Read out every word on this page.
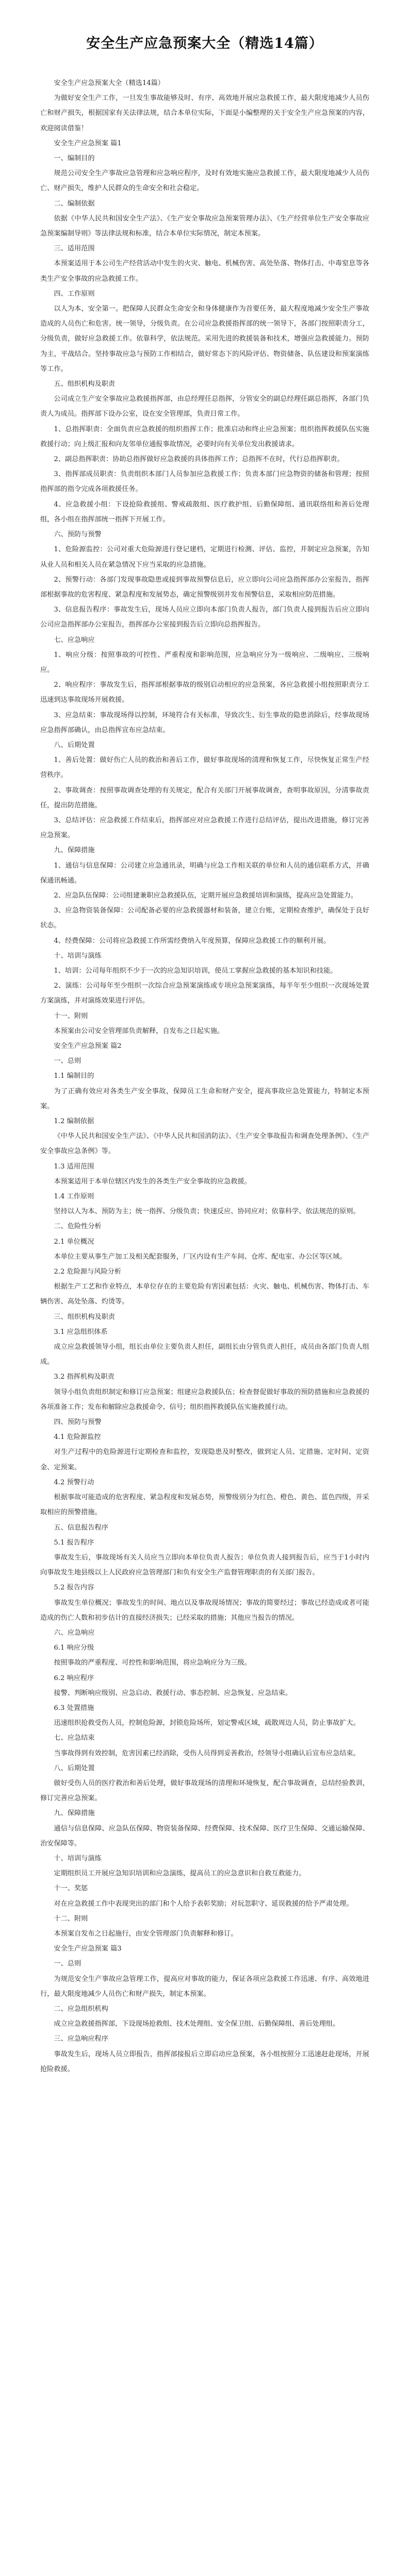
安全生产应急预案大全（精选14篇）

安全生产应急预案大全（精选14篇）

为做好安全生产工作，一旦发生事故能够及时、有序、高效地开展应急救援工作，最大限度地减少人员伤亡和财产损失，根据国家有关法律法规，结合本单位实际，下面是小编整理的关于安全生产应急预案的内容，欢迎阅读借鉴！

安全生产应急预案 篇1

一、编制目的

规范公司安全生产事故应急管理和应急响应程序，及时有效地实施应急救援工作，最大限度地减少人员伤亡、财产损失，维护人民群众的生命安全和社会稳定。

二、编制依据

依据《中华人民共和国安全生产法》、《生产安全事故应急预案管理办法》、《生产经营单位生产安全事故应急预案编制导则》等法律法规和标准，结合本单位实际情况，制定本预案。

三、适用范围

本预案适用于本公司生产经营活动中发生的火灾、触电、机械伤害、高处坠落、物体打击、中毒窒息等各类生产安全事故的应急救援工作。

四、工作原则

以人为本，安全第一。把保障人民群众生命安全和身体健康作为首要任务，最大程度地减少安全生产事故造成的人员伤亡和危害。统一领导，分级负责。在公司应急救援指挥部的统一领导下，各部门按照职责分工，分级负责，做好应急救援工作。依靠科学，依法规范。采用先进的救援装备和技术，增强应急救援能力。预防为主，平战结合。坚持事故应急与预防工作相结合，做好常态下的风险评估、物资储备、队伍建设和预案演练等工作。

五、组织机构及职责

公司成立生产安全事故应急救援指挥部，由总经理任总指挥，分管安全的副总经理任副总指挥，各部门负责人为成员。指挥部下设办公室，设在安全管理部，负责日常工作。

1、总指挥职责：全面负责应急救援的组织指挥工作；批准启动和终止应急预案；组织指挥救援队伍实施救援行动；向上级汇报和向友邻单位通报事故情况，必要时向有关单位发出救援请求。

2、副总指挥职责：协助总指挥做好应急救援的具体指挥工作；总指挥不在时，代行总指挥职责。

3、指挥部成员职责：负责组织本部门人员参加应急救援工作；负责本部门应急物资的储备和管理；按照指挥部的指令完成各项救援任务。

4、应急救援小组：下设抢险救援组、警戒疏散组、医疗救护组、后勤保障组、通讯联络组和善后处理组，各小组在指挥部统一指挥下开展工作。

六、预防与预警

1、危险源监控：公司对重大危险源进行登记建档，定期进行检测、评估、监控，并制定应急预案，告知从业人员和相关人员在紧急情况下应当采取的应急措施。

2、预警行动：各部门发现事故隐患或接到事故预警信息后，应立即向公司应急指挥部办公室报告，指挥部根据事故的危害程度、紧急程度和发展势态，确定预警级别并发布预警信息，采取相应防范措施。

3、信息报告程序：事故发生后，现场人员应立即向本部门负责人报告，部门负责人接到报告后应立即向公司应急指挥部办公室报告，指挥部办公室接到报告后立即向总指挥报告。

七、应急响应

1、响应分级：按照事故的可控性、严重程度和影响范围，应急响应分为一级响应、二级响应、三级响应。

2、响应程序：事故发生后，指挥部根据事故的级别启动相应的应急预案，各应急救援小组按照职责分工迅速到达事故现场开展救援。

3、应急结束：事故现场得以控制，环境符合有关标准，导致次生、衍生事故的隐患消除后，经事故现场应急指挥部确认，由总指挥宣布应急结束。

八、后期处置

1、善后处置：做好伤亡人员的救治和善后工作，做好事故现场的清理和恢复工作，尽快恢复正常生产经营秩序。

2、事故调查：按照事故调查处理的有关规定，配合有关部门开展事故调查，查明事故原因，分清事故责任，提出防范措施。

3、总结评估：应急救援工作结束后，指挥部应对应急救援工作进行总结评估，提出改进措施，修订完善应急预案。

九、保障措施

1、通信与信息保障：公司建立应急通讯录，明确与应急工作相关联的单位和人员的通信联系方式，并确保通讯畅通。

2、应急队伍保障：公司组建兼职应急救援队伍，定期开展应急救援培训和演练，提高应急处置能力。

3、应急物资装备保障：公司配备必要的应急救援器材和装备，建立台账，定期检查维护，确保处于良好状态。

4、经费保障：公司将应急救援工作所需经费纳入年度预算，保障应急救援工作的顺利开展。

十、培训与演练

1、培训：公司每年组织不少于一次的应急知识培训，使员工掌握应急救援的基本知识和技能。

2、演练：公司每年至少组织一次综合应急预案演练或专项应急预案演练，每半年至少组织一次现场处置方案演练，并对演练效果进行评估。

十一、附则

本预案由公司安全管理部负责解释，自发布之日起实施。

安全生产应急预案 篇2

一、总则

1.1 编制目的

为了正确有效应对各类生产安全事故，保障员工生命和财产安全，提高事故应急处置能力，特制定本预案。

1.2 编制依据

《中华人民共和国安全生产法》、《中华人民共和国消防法》、《生产安全事故报告和调查处理条例》、《生产安全事故应急条例》等。

1.3 适用范围

本预案适用于本单位辖区内发生的各类生产安全事故的应急救援。

1.4 工作原则

坚持以人为本、预防为主；统一指挥、分级负责；快速反应、协同应对；依靠科学、依法规范的原则。

二、危险性分析

2.1 单位概况

本单位主要从事生产加工及相关配套服务，厂区内设有生产车间、仓库、配电室、办公区等区域。

2.2 危险源与风险分析

根据生产工艺和作业特点，本单位存在的主要危险有害因素包括：火灾、触电、机械伤害、物体打击、车辆伤害、高处坠落、灼烫等。

三、组织机构及职责

3.1 应急组织体系

成立应急救援领导小组，组长由单位主要负责人担任，副组长由分管负责人担任，成员由各部门负责人组成。

3.2 指挥机构及职责

领导小组负责组织制定和修订应急预案；组建应急救援队伍；检查督促做好事故的预防措施和应急救援的各项准备工作；发布和解除应急救援命令、信号；组织指挥救援队伍实施救援行动。

四、预防与预警

4.1 危险源监控

对生产过程中的危险源进行定期检查和监控，发现隐患及时整改，做到定人员、定措施、定时间、定资金、定预案。

4.2 预警行动

根据事故可能造成的危害程度、紧急程度和发展态势，预警级别分为红色、橙色、黄色、蓝色四级，并采取相应的预警措施。

五、信息报告程序

5.1 报告程序

事故发生后，事故现场有关人员应当立即向本单位负责人报告；单位负责人接到报告后，应当于1小时内向事故发生地县级以上人民政府应急管理部门和负有安全生产监督管理职责的有关部门报告。

5.2 报告内容

事故发生单位概况；事故发生的时间、地点以及事故现场情况；事故的简要经过；事故已经造成或者可能造成的伤亡人数和初步估计的直接经济损失；已经采取的措施；其他应当报告的情况。

六、应急响应

6.1 响应分级

按照事故的严重程度、可控性和影响范围，将应急响应分为三级。

6.2 响应程序

接警、判断响应级别、应急启动、救援行动、事态控制、应急恢复、应急结束。

6.3 处置措施

迅速组织抢救受伤人员，控制危险源，封锁危险场所，划定警戒区域，疏散周边人员，防止事故扩大。

七、应急结束

当事故得到有效控制，危害因素已经消除，受伤人员得到妥善救治，经领导小组确认后宣布应急结束。

八、后期处置

做好受伤人员的医疗救治和善后处理，做好事故现场的清理和环境恢复，配合事故调查，总结经验教训，修订完善应急预案。

九、保障措施

通信与信息保障、应急队伍保障、物资装备保障、经费保障、技术保障、医疗卫生保障、交通运输保障、治安保障等。

十、培训与演练

定期组织员工开展应急知识培训和应急演练，提高员工的应急意识和自救互救能力。

十一、奖惩

对在应急救援工作中表现突出的部门和个人给予表彰奖励；对玩忽职守、延误救援的给予严肃处理。

十二、附则

本预案自发布之日起施行，由安全管理部门负责解释和修订。

安全生产应急预案 篇3

一、总则

为规范安全生产事故应急管理工作，提高应对事故的能力，保证各项应急救援工作迅速、有序、高效地进行，最大限度地减少人员伤亡和财产损失，制定本预案。

二、应急组织机构

成立应急救援指挥部，下设现场抢救组、技术处理组、安全保卫组、后勤保障组、善后处理组。

三、应急响应程序

事故发生后，现场人员立即报告，指挥部接报后立即启动应急预案，各小组按照分工迅速赶赴现场，开展抢险救援。
